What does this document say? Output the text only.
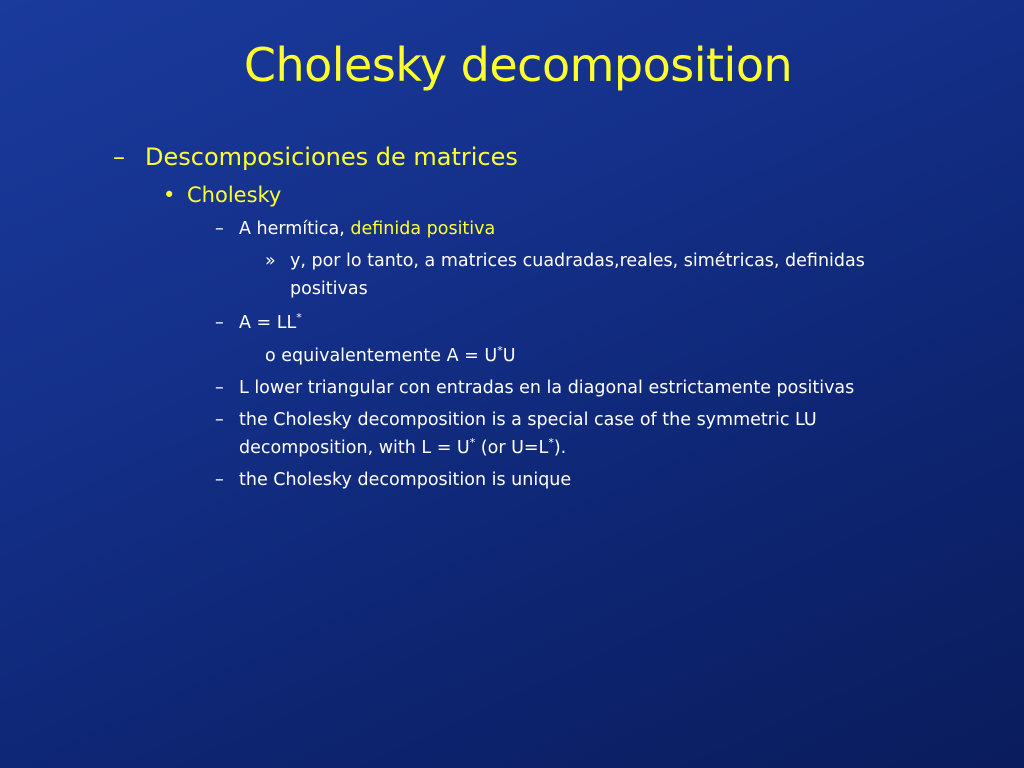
Cholesky decomposition
– Descomposiciones de matrices
• Cholesky
– A hermítica, definida positiva
» y, por lo tanto, a matrices cuadradas,reales, simétricas, definidas
positivas
– A = LL*
o equivalentemente A = U*U
– L lower triangular con entradas en la diagonal estrictamente positivas
– the Cholesky decomposition is a special case of the symmetric LU
decomposition, with L = U* (or U=L*).
– the Cholesky decomposition is unique
